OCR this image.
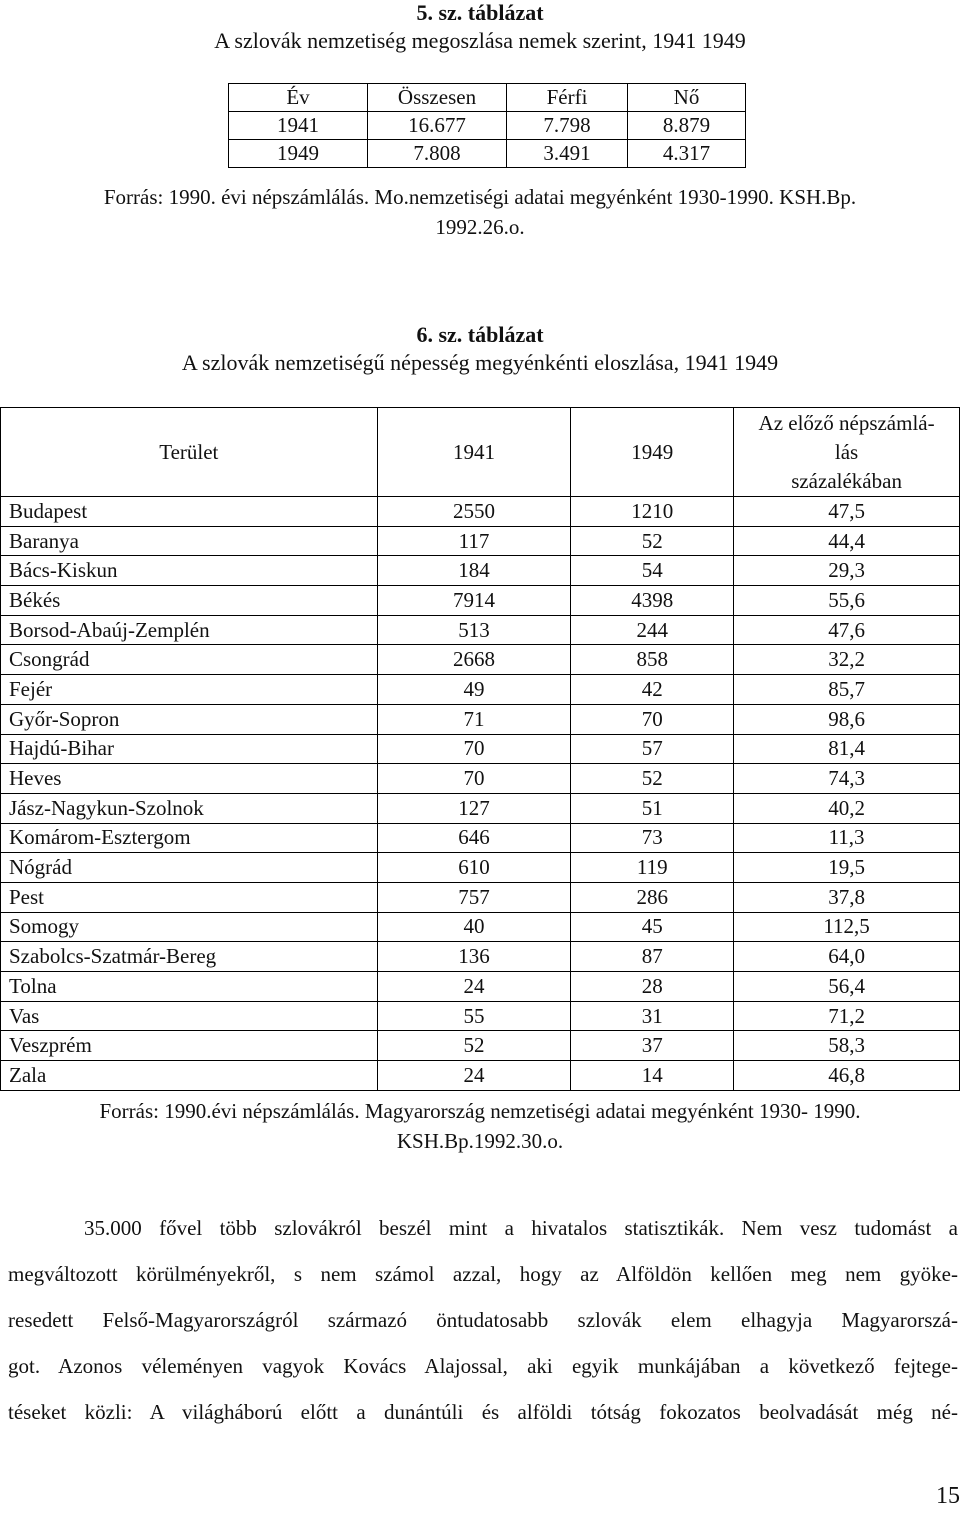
5. sz. táblázat
A szlovák nemzetiség megoszlása nemek szerint, 1941 1949
Év	Összesen	Férfi	Nő
1941	16.677	7.798	8.879
1949	7.808	3.491	4.317
Forrás: 1990. évi népszámlálás. Mo.nemzetiségi adatai megyénként 1930-1990. KSH.Bp.
1992.26.o.
6. sz. táblázat
A szlovák nemzetiségű népesség megyénkénti eloszlása, 1941 1949
Terület	1941	1949	Az előző népszámlá-
lás
százalékában

Budapest	2550	1210	47,5
Baranya	117	52	44,4
Bács-Kiskun	184	54	29,3
Békés	7914	4398	55,6
Borsod-Abaúj-Zemplén	513	244	47,6
Csongrád	2668	858	32,2
Fejér	49	42	85,7
Győr-Sopron	71	70	98,6
Hajdú-Bihar	70	57	81,4
Heves	70	52	74,3
Jász-Nagykun-Szolnok	127	51	40,2
Komárom-Esztergom	646	73	11,3
Nógrád	610	119	19,5
Pest	757	286	37,8
Somogy	40	45	112,5
Szabolcs-Szatmár-Bereg	136	87	64,0
Tolna	24	28	56,4
Vas	55	31	71,2
Veszprém	52	37	58,3
Zala	24	14	46,8
Forrás: 1990.évi népszámlálás. Magyarország nemzetiségi adatai megyénként 1930- 1990.
KSH.Bp.1992.30.o.
35.000 fővel több szlovákról beszél mint a hivatalos statisztikák. Nem vesz tudomást a
megváltozott körülményekről, s nem számol azzal, hogy az Alföldön kellően meg nem gyöke-
resedett Felső-Magyarországról származó öntudatosabb szlovák elem elhagyja Magyarorszá-
got. Azonos véleményen vagyok Kovács Alajossal, aki egyik munkájában a következő fejtege-
téseket közli: A világháború előtt a dunántúli és alföldi tótság fokozatos beolvadását még né-
15
